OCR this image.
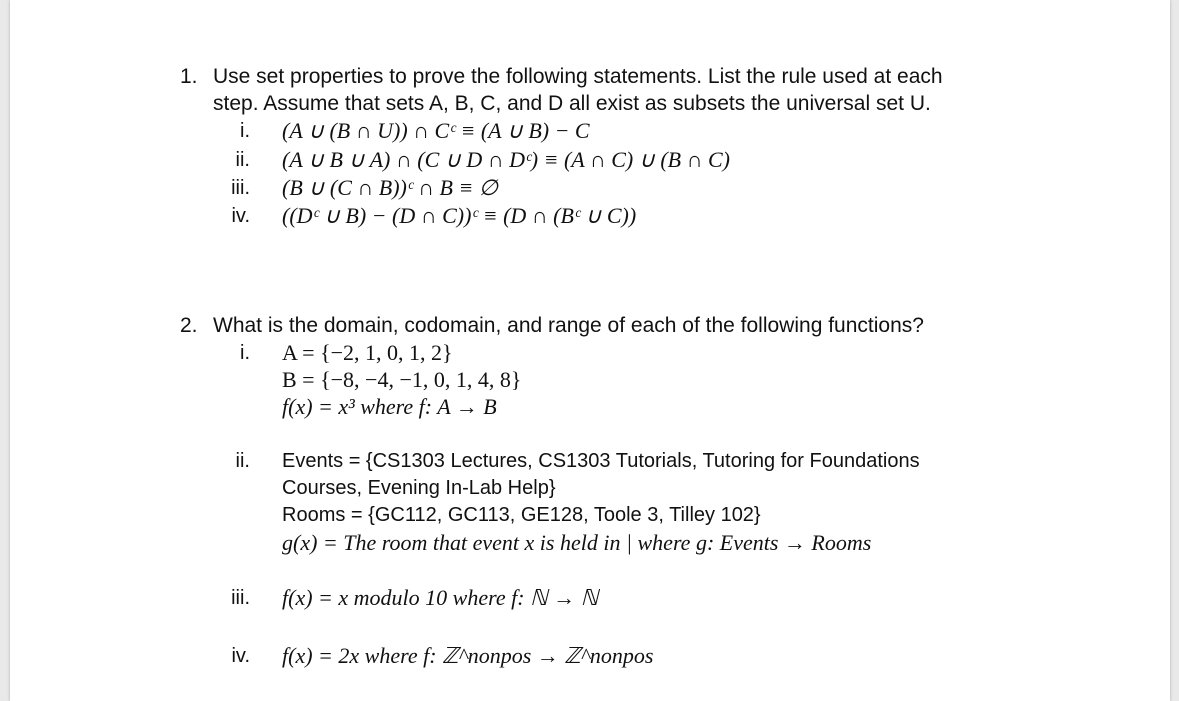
1. Use set properties to prove the following statements. List the rule used at each
step. Assume that sets A, B, C, and D all exist as subsets the universal set U.
i. (A ∪ (B ∩ U)) ∩ Cᶜ ≡ (A ∪ B) − C
ii. (A ∪ B ∪ A) ∩ (C ∪ D ∩ Dᶜ) ≡ (A ∩ C) ∪ (B ∩ C)
iii. (B ∪ (C ∩ B))ᶜ ∩ B ≡ ∅
iv. ((Dᶜ ∪ B) − (D ∩ C))ᶜ ≡ (D ∩ (Bᶜ ∪ C))
2. What is the domain, codomain, and range of each of the following functions?
i. A = {−2, 1, 0, 1, 2}
B = {−8, −4, −1, 0, 1, 4, 8}
f(x) = x³ where f: A → B
ii. Events = {CS1303 Lectures, CS1303 Tutorials, Tutoring for Foundations
Courses, Evening In-Lab Help}
Rooms = {GC112, GC113, GE128, Toole 3, Tilley 102}
g(x) = The room that event x is held in | where g: Events → Rooms
iii. f(x) = x modulo 10 where f: ℕ → ℕ
iv. f(x) = 2x where f: ℤ^nonpos → ℤ^nonpos
